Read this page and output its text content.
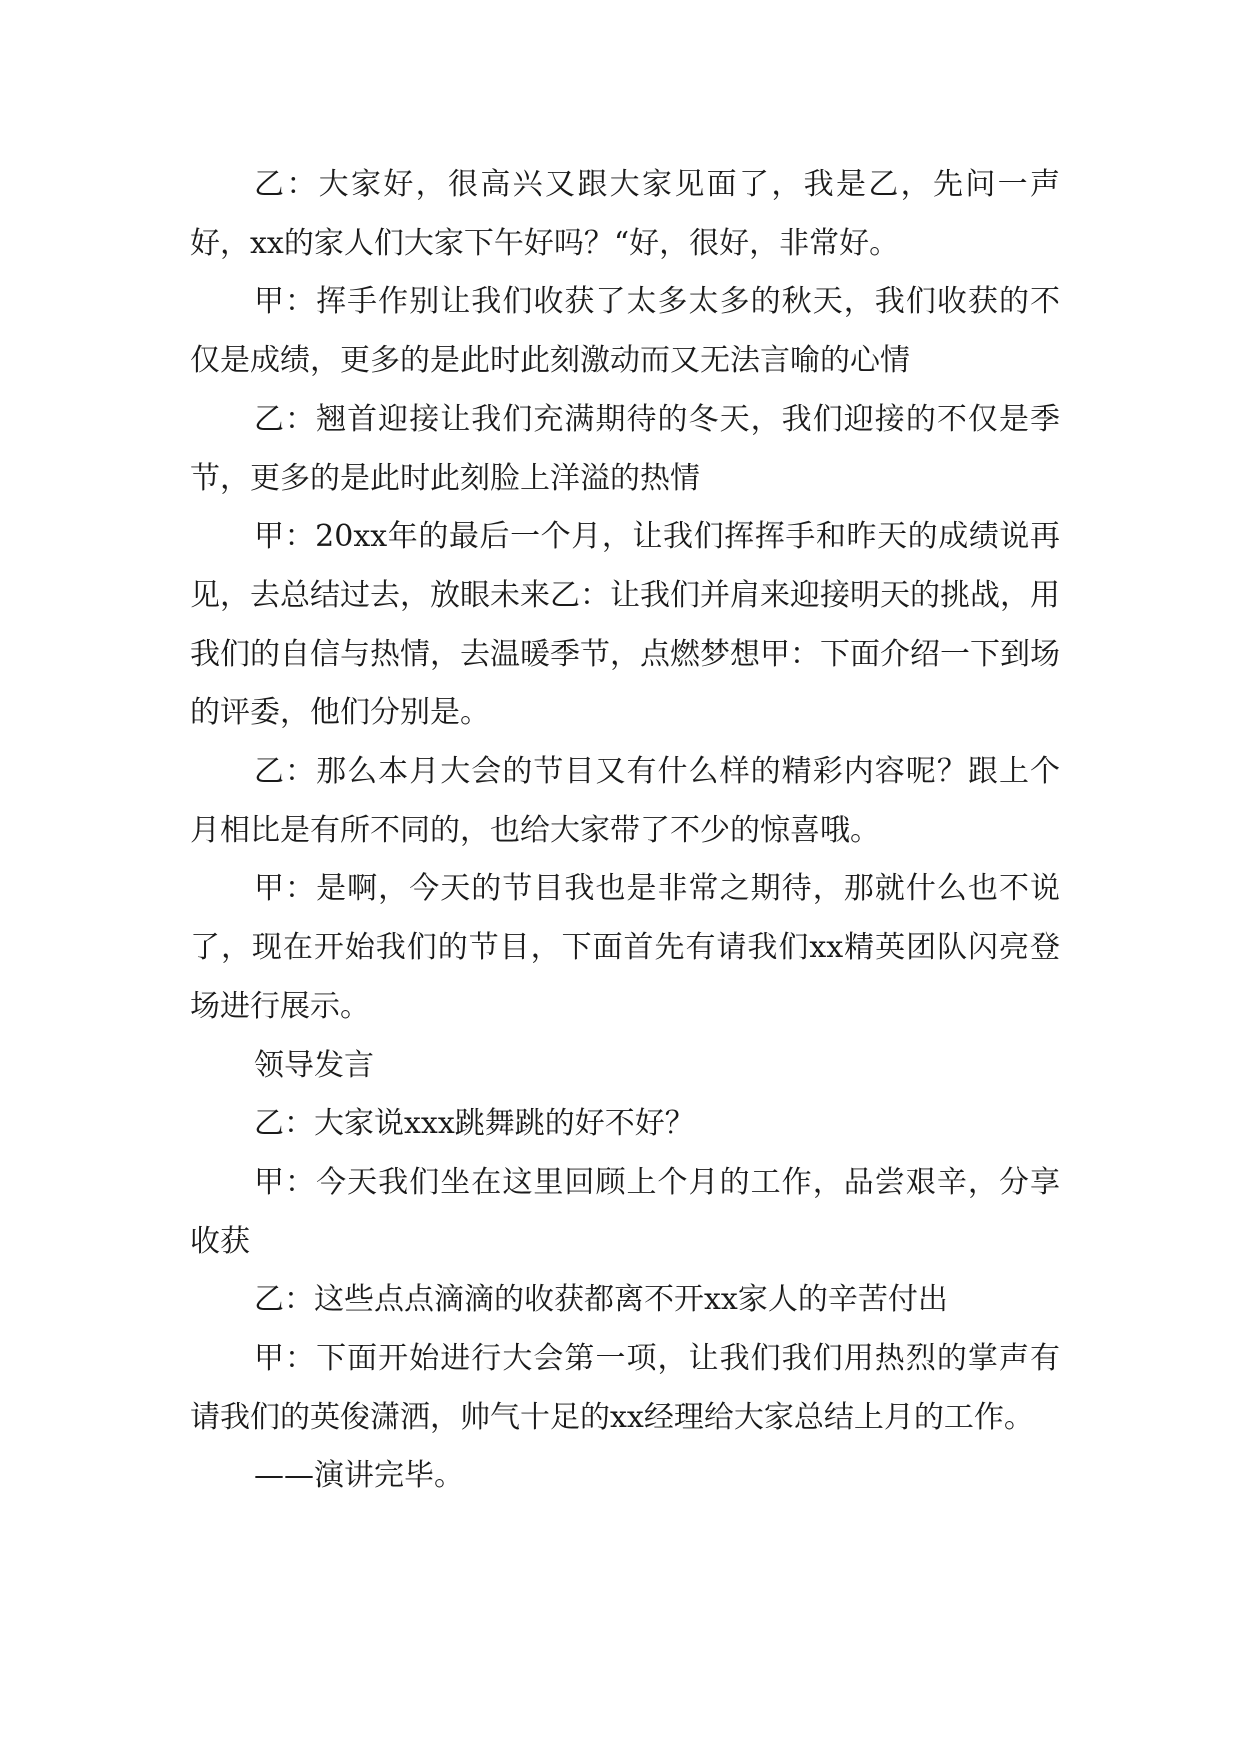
乙：大家好，很高兴又跟大家见面了，我是乙，先问一声好，xx的家人们大家下午好吗？“好，很好，非常好。

甲：挥手作别让我们收获了太多太多的秋天，我们收获的不仅是成绩，更多的是此时此刻激动而又无法言喻的心情

乙：翘首迎接让我们充满期待的冬天，我们迎接的不仅是季节，更多的是此时此刻脸上洋溢的热情

甲：20xx年的最后一个月，让我们挥挥手和昨天的成绩说再见，去总结过去，放眼未来乙：让我们并肩来迎接明天的挑战，用我们的自信与热情，去温暖季节，点燃梦想甲：下面介绍一下到场的评委，他们分别是。

乙：那么本月大会的节目又有什么样的精彩内容呢？跟上个月相比是有所不同的，也给大家带了不少的惊喜哦。

甲：是啊，今天的节目我也是非常之期待，那就什么也不说了，现在开始我们的节目，下面首先有请我们xx精英团队闪亮登场进行展示。

领导发言

乙：大家说xxx跳舞跳的好不好？

甲：今天我们坐在这里回顾上个月的工作，品尝艰辛，分享收获

乙：这些点点滴滴的收获都离不开xx家人的辛苦付出

甲：下面开始进行大会第一项，让我们我们用热烈的掌声有请我们的英俊潇洒，帅气十足的xx经理给大家总结上月的工作。

——演讲完毕。
